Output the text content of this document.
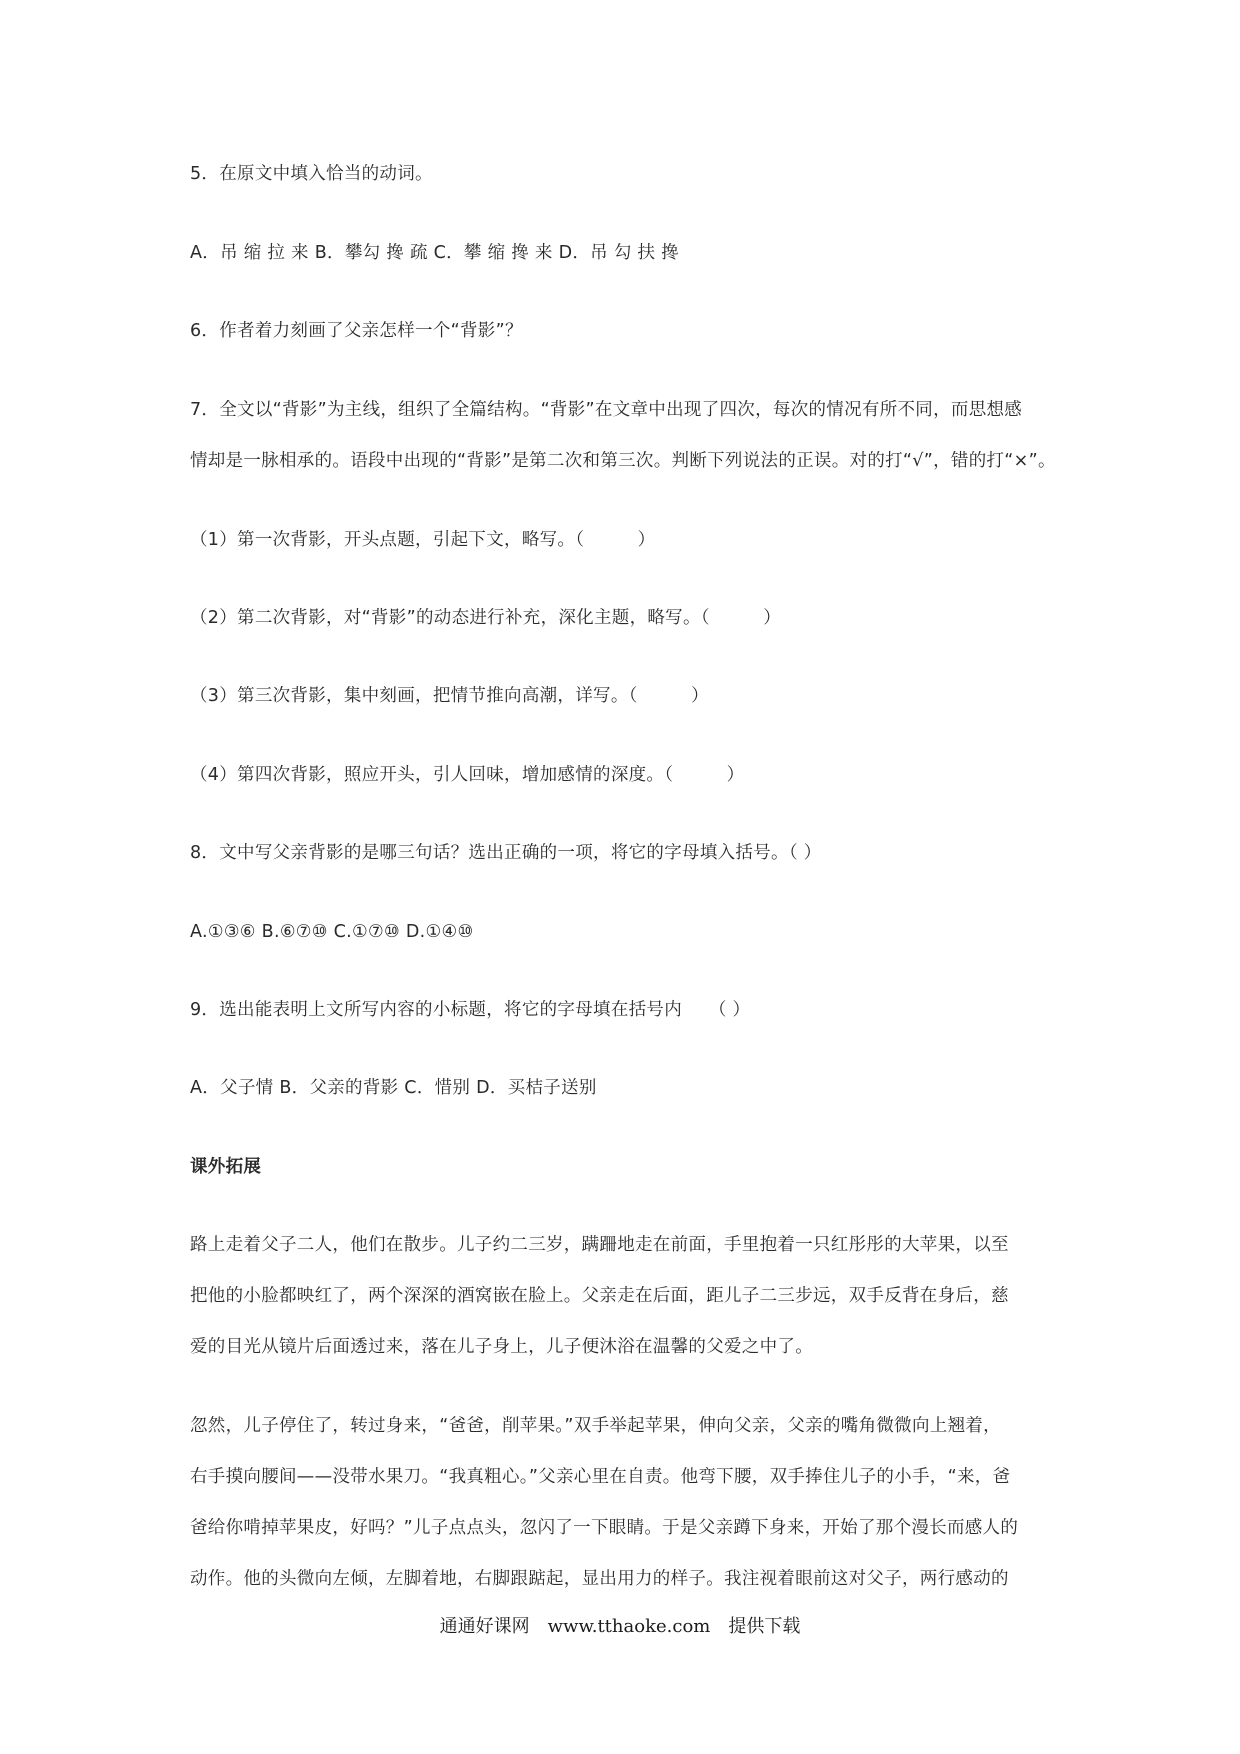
5．在原文中填入恰当的动词。
A．吊 缩 拉 来 B．攀勾 搀 疏 C．攀 缩 搀 来 D．吊 勾 扶 搀
6．作者着力刻画了父亲怎样一个“背影”？
7．全文以“背影”为主线，组织了全篇结构。“背影”在文章中出现了四次，每次的情况有所不同，而思想感
情却是一脉相承的。语段中出现的“背影”是第二次和第三次。判断下列说法的正误。对的打“√”，错的打“×”。
（1）第一次背影，开头点题，引起下文，略写。（　　　）
（2）第二次背影，对“背影”的动态进行补充，深化主题，略写。（　　　）
（3）第三次背影，集中刻画，把情节推向高潮，详写。（　　　）
（4）第四次背影，照应开头，引人回味，增加感情的深度。（　　　）
8．文中写父亲背影的是哪三句话？选出正确的一项，将它的字母填入括号。（ ）
A.①③⑥ B.⑥⑦⑩ C.①⑦⑩ D.①④⑩
9．选出能表明上文所写内容的小标题，将它的字母填在括号内　　（ ）
A．父子情 B．父亲的背影 C．惜别 D．买桔子送别
课外拓展
路上走着父子二人，他们在散步。儿子约二三岁，蹒跚地走在前面，手里抱着一只红彤彤的大苹果，以至
把他的小脸都映红了，两个深深的酒窝嵌在脸上。父亲走在后面，距儿子二三步远，双手反背在身后，慈
爱的目光从镜片后面透过来，落在儿子身上，儿子便沐浴在温馨的父爱之中了。
忽然，儿子停住了，转过身来，“爸爸，削苹果。”双手举起苹果，伸向父亲，父亲的嘴角微微向上翘着，
右手摸向腰间——没带水果刀。“我真粗心。”父亲心里在自责。他弯下腰，双手捧住儿子的小手，“来，爸
爸给你啃掉苹果皮，好吗？”儿子点点头，忽闪了一下眼睛。于是父亲蹲下身来，开始了那个漫长而感人的
动作。他的头微向左倾，左脚着地，右脚跟踮起，显出用力的样子。我注视着眼前这对父子，两行感动的
通通好课网　www.tthaoke.com　提供下载
